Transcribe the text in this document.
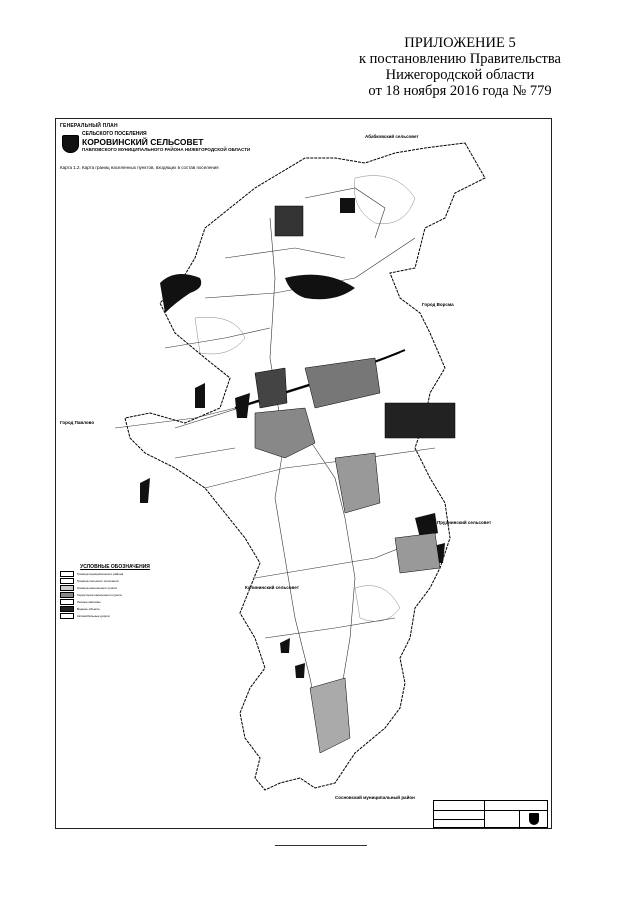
ПРИЛОЖЕНИЕ 5
к постановлению Правительства
Нижегородской области
от 18 ноября 2016 года № 779
ГЕНЕРАЛЬНЫЙ ПЛАН
СЕЛЬСКОГО ПОСЕЛЕНИЯ
КОРОВИНСКИЙ СЕЛЬСОВЕТ
ПАВЛОВСКОГО МУНИЦИПАЛЬНОГО РАЙОНА НИЖЕГОРОДСКОЙ ОБЛАСТИ
Карта 1.2. Карта границ населенных пунктов, входящих в состав поселения
Абабковский сельсовет
Город Павлово
Город Ворсма
Пруднинский сельсовет
Калининский сельсовет
Сосновский муниципальный район
УСЛОВНЫЕ ОБОЗНАЧЕНИЯ
Граница муниципального района
Граница сельского поселения
Граница населенного пункта
Территория населенного пункта
Лесные массивы
Водные объекты
Автомобильные дороги
